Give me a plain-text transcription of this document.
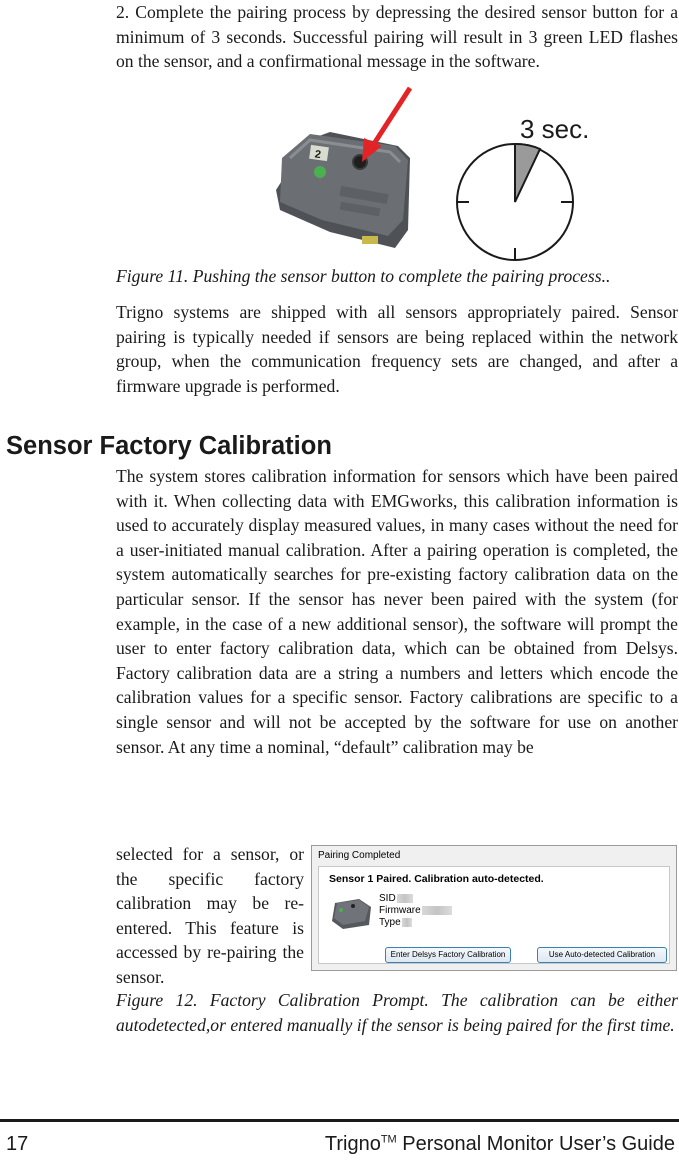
2. Complete the pairing process by depressing the desired sensor button for a minimum of 3 seconds. Successful pairing will result in 3 green LED flashes on the sensor, and a confirmational message in the software.

2
3 sec.

Figure 11. Pushing the sensor button to complete the pairing process..

Trigno systems are shipped with all sensors appropriately paired. Sensor pairing is typically needed if sensors are being replaced within the network group, when the communication frequency sets are changed, and after a firmware upgrade is performed.

Sensor Factory Calibration

The system stores calibration information for sensors which have been paired with it. When collecting data with EMGworks, this calibration information is used to accurately display measured values, in many cases without the need for a user-initiated manual calibration. After a pairing operation is completed, the system automatically searches for pre-existing factory calibration data on the particular sensor. If the sensor has never been paired with the system (for example, in the case of a new additional sensor), the software will prompt the user to enter factory calibration data, which can be obtained from Delsys. Factory calibration data are a string a numbers and letters which encode the calibration values for a specific sensor. Factory calibrations are specific to a single sensor and will not be accepted by the software for use on another sensor. At any time a nominal, “default” calibration may be

selected for a sensor, or the specific factory calibration may be re-entered. This feature is accessed by re-pairing the sensor.

Pairing Completed
Sensor 1 Paired. Calibration auto-detected.
SID
Firmware
Type
Enter Delsys Factory Calibration	Use Auto-detected Calibration

Figure 12. Factory Calibration Prompt. The calibration can be either autodetected,or entered manually if the sensor is being paired for the first time.

17	Trigno™ Personal Monitor User’s Guide
